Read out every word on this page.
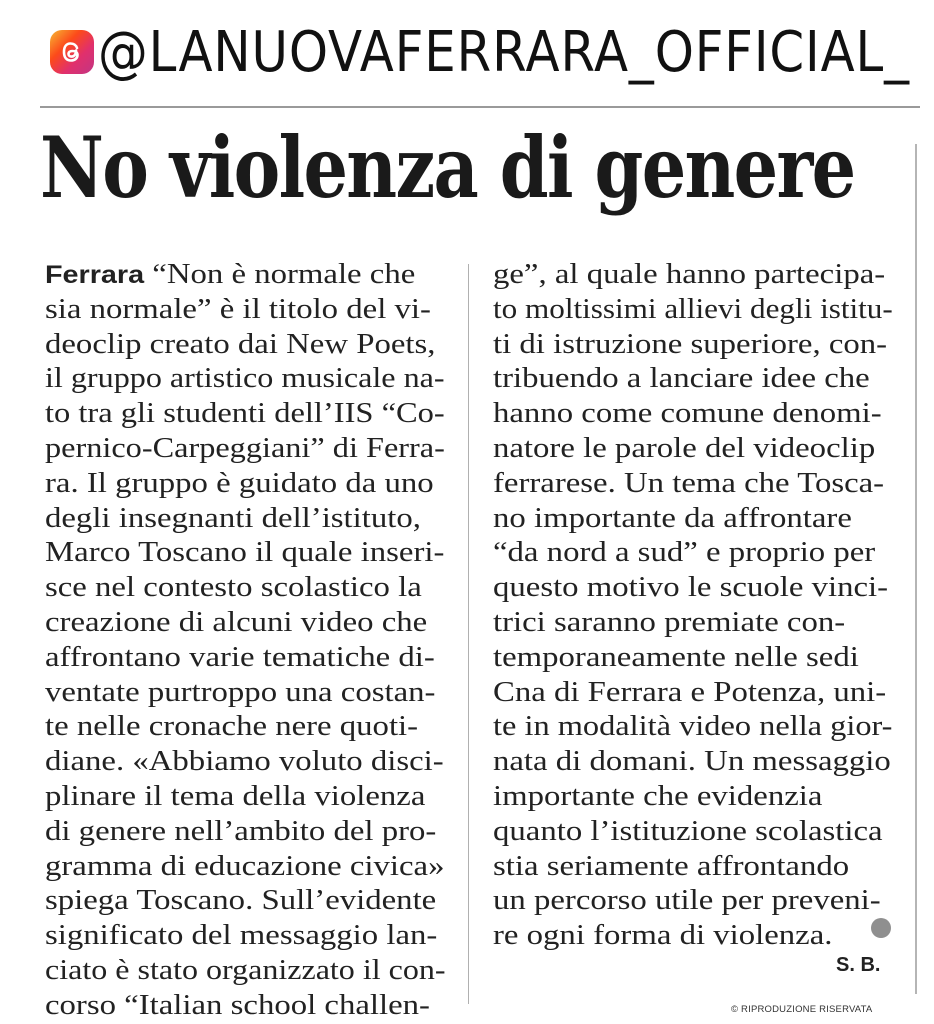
@LANUOVAFERRARA_OFFICIAL_
No violenza di genere
Ferrara “Non è normale che
sia normale” è il titolo del vi-
deoclip creato dai New Poets,
il gruppo artistico musicale na-
to tra gli studenti dell’IIS “Co-
pernico-Carpeggiani” di Ferra-
ra. Il gruppo è guidato da uno
degli insegnanti dell’istituto,
Marco Toscano il quale inseri-
sce nel contesto scolastico la
creazione di alcuni video che
affrontano varie tematiche di-
ventate purtroppo una costan-
te nelle cronache nere quoti-
diane. «Abbiamo voluto disci-
plinare il tema della violenza
di genere nell’ambito del pro-
gramma di educazione civica»
spiega Toscano. Sull’evidente
significato del messaggio lan-
ciato è stato organizzato il con-
corso “Italian school challen-
ge”, al quale hanno partecipa-
to moltissimi allievi degli istitu-
ti di istruzione superiore, con-
tribuendo a lanciare idee che
hanno come comune denomi-
natore le parole del videoclip
ferrarese. Un tema che Tosca-
no importante da affrontare
“da nord a sud” e proprio per
questo motivo le scuole vinci-
trici saranno premiate con-
temporaneamente nelle sedi
Cna di Ferrara e Potenza, uni-
te in modalità video nella gior-
nata di domani. Un messaggio
importante che evidenzia
quanto l’istituzione scolastica
stia seriamente affrontando
un percorso utile per preveni-
re ogni forma di violenza.
S. B.
© RIPRODUZIONE RISERVATA
